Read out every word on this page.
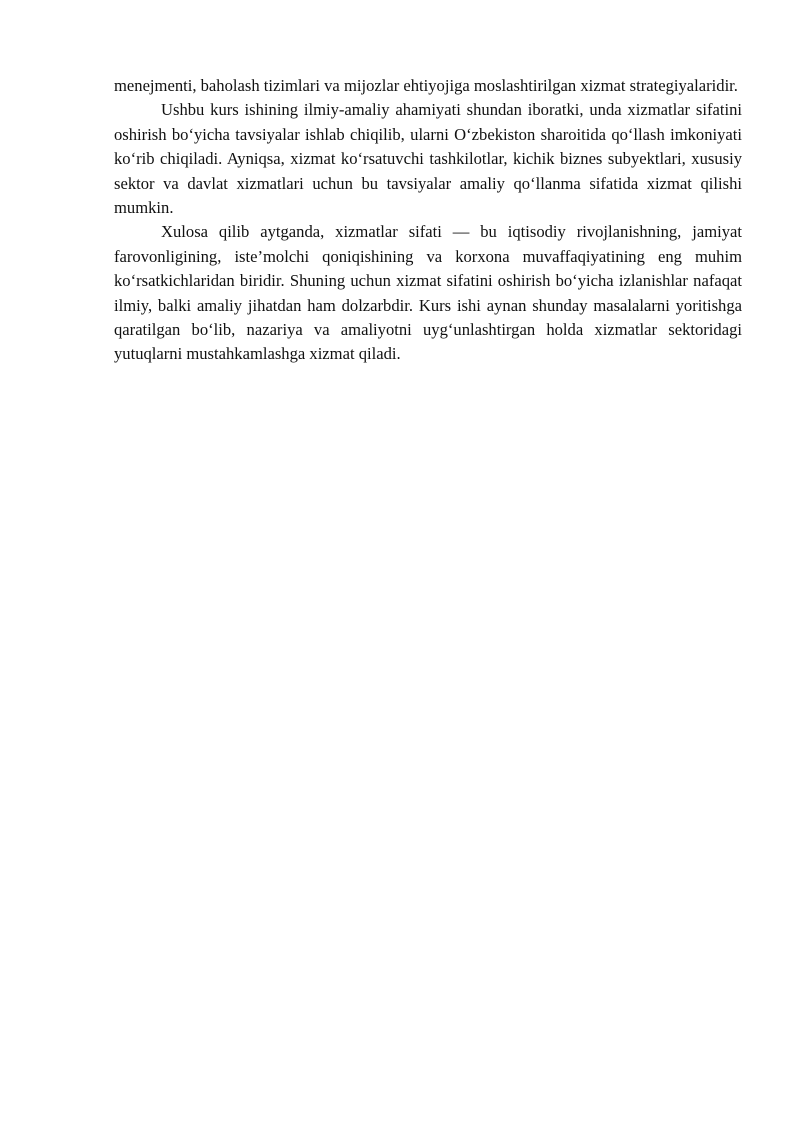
menejmenti, baholash tizimlari va mijozlar ehtiyojiga moslashtirilgan xizmat strategiyalaridir.

Ushbu kurs ishining ilmiy-amaliy ahamiyati shundan iboratki, unda xizmatlar sifatini oshirish bo‘yicha tavsiyalar ishlab chiqilib, ularni O‘zbekiston sharoitida qo‘llash imkoniyati ko‘rib chiqiladi. Ayniqsa, xizmat ko‘rsatuvchi tashkilotlar, kichik biznes subyektlari, xususiy sektor va davlat xizmatlari uchun bu tavsiyalar amaliy qo‘llanma sifatida xizmat qilishi mumkin.

Xulosa qilib aytganda, xizmatlar sifati — bu iqtisodiy rivojlanishning, jamiyat farovonligining, iste’molchi qoniqishining va korxona muvaffaqiyatining eng muhim ko‘rsatkichlaridan biridir. Shuning uchun xizmat sifatini oshirish bo‘yicha izlanishlar nafaqat ilmiy, balki amaliy jihatdan ham dolzarbdir. Kurs ishi aynan shunday masalalarni yoritishga qaratilgan bo‘lib, nazariya va amaliyotni uyg‘unlashtirgan holda xizmatlar sektoridagi yutuqlarni mustahkamlashga xizmat qiladi.
